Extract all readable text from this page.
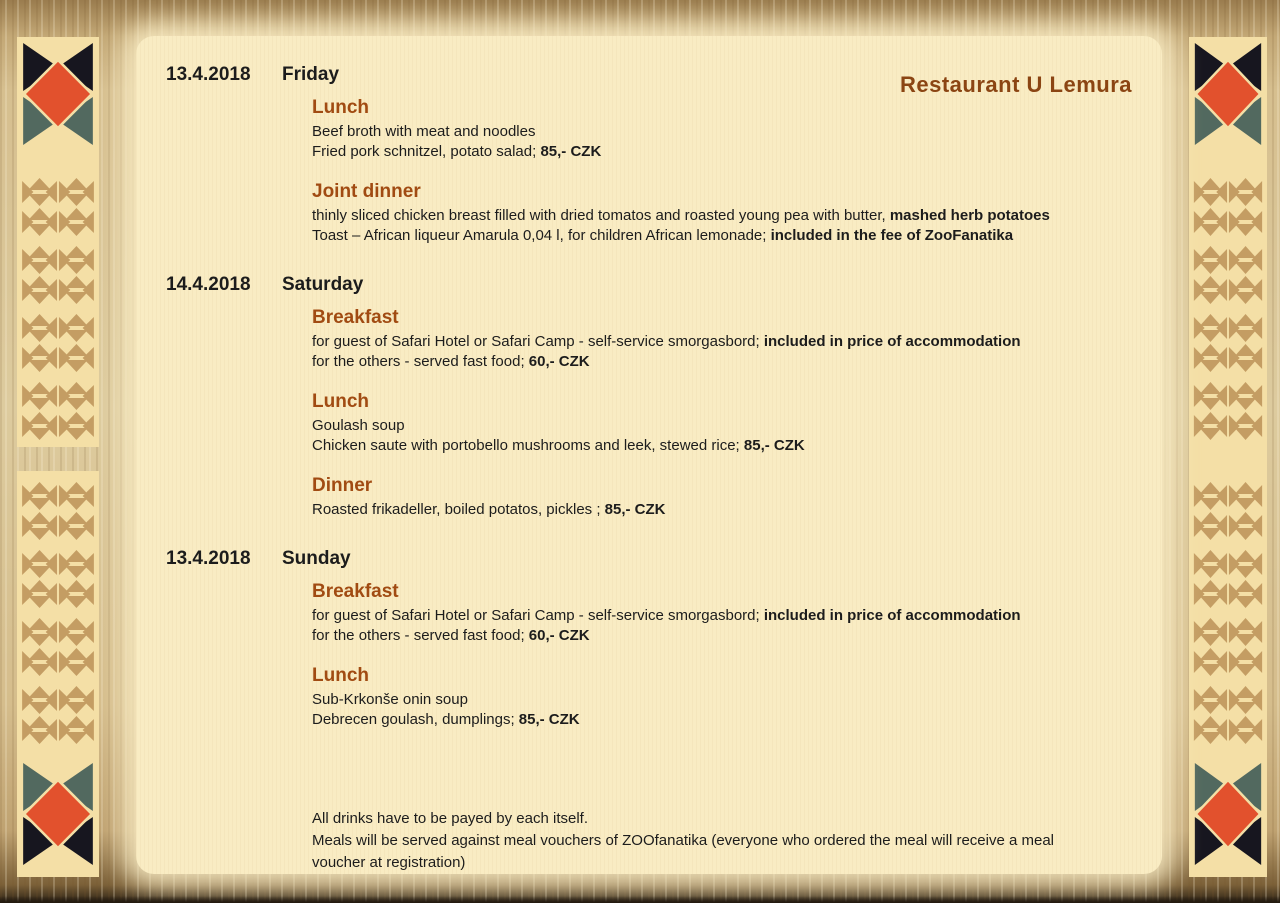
Restaurant U Lemura
13.4.2018	Friday
Lunch
Beef broth with meat and noodles
Fried pork schnitzel, potato salad; 85,- CZK
Joint dinner
thinly sliced chicken breast filled with dried tomatos and roasted young pea with butter, mashed herb potatoes
Toast – African liqueur Amarula 0,04 l, for children African lemonade; included in the fee of ZooFanatika
14.4.2018	Saturday
Breakfast
for guest of Safari Hotel or Safari Camp - self-service smorgasbord; included in price of accommodation
for the others - served fast food; 60,- CZK
Lunch
Goulash soup
Chicken saute with portobello mushrooms and leek, stewed rice; 85,- CZK
Dinner
Roasted frikadeller, boiled potatos, pickles ; 85,- CZK
13.4.2018	Sunday
Breakfast
for guest of Safari Hotel or Safari Camp - self-service smorgasbord; included in price of accommodation
for the others - served fast food; 60,- CZK
Lunch
Sub-Krkonše onin soup
Debrecen goulash, dumplings; 85,- CZK
All drinks have to be payed by each itself.
Meals will be served against meal vouchers of ZOOfanatika (everyone who ordered the meal will receive a meal
voucher at registration)
